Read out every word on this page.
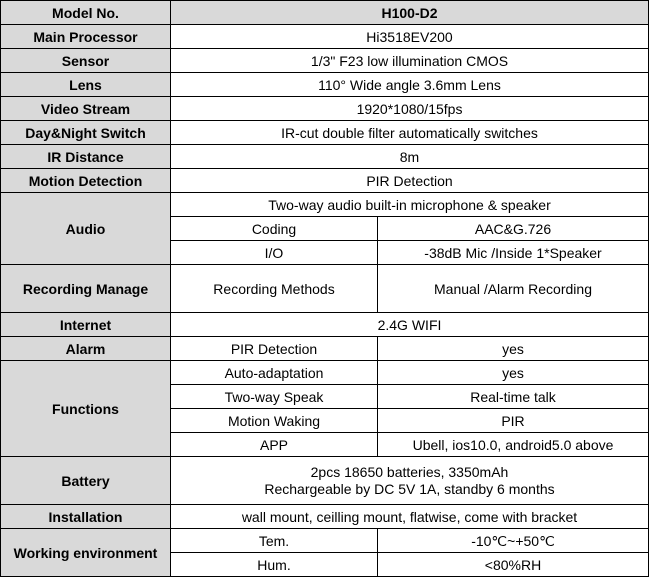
Model No.	H100-D2	
Main Processor	Hi3518EV200	
Sensor	1/3" F23 low illumination CMOS	
Lens	110° Wide angle 3.6mm Lens	
Video Stream	1920*1080/15fps	
Day&Night Switch	IR-cut double filter automatically switches	
IR Distance	8m	
Motion Detection	PIR Detection	
Audio	Two-way audio built-in microphone & speaker	
	Coding	AAC&G.726
	I/O	-38dB Mic /Inside 1*Speaker
Recording Manage	Recording Methods	Manual /Alarm Recording
Internet	2.4G WIFI	
Alarm	PIR Detection	yes
Functions	Auto-adaptation	yes
	Two-way Speak	Real-time talk
	Motion Waking	PIR
	APP	Ubell, ios10.0, android5.0 above
Battery	2pcs 18650 batteries, 3350mAh
Rechargeable by DC 5V 1A, standby 6 months	
Installation	wall mount, ceilling mount, flatwise, come with bracket	
Working environment	Tem.	-10℃~+50℃
	Hum.	<80%RH
